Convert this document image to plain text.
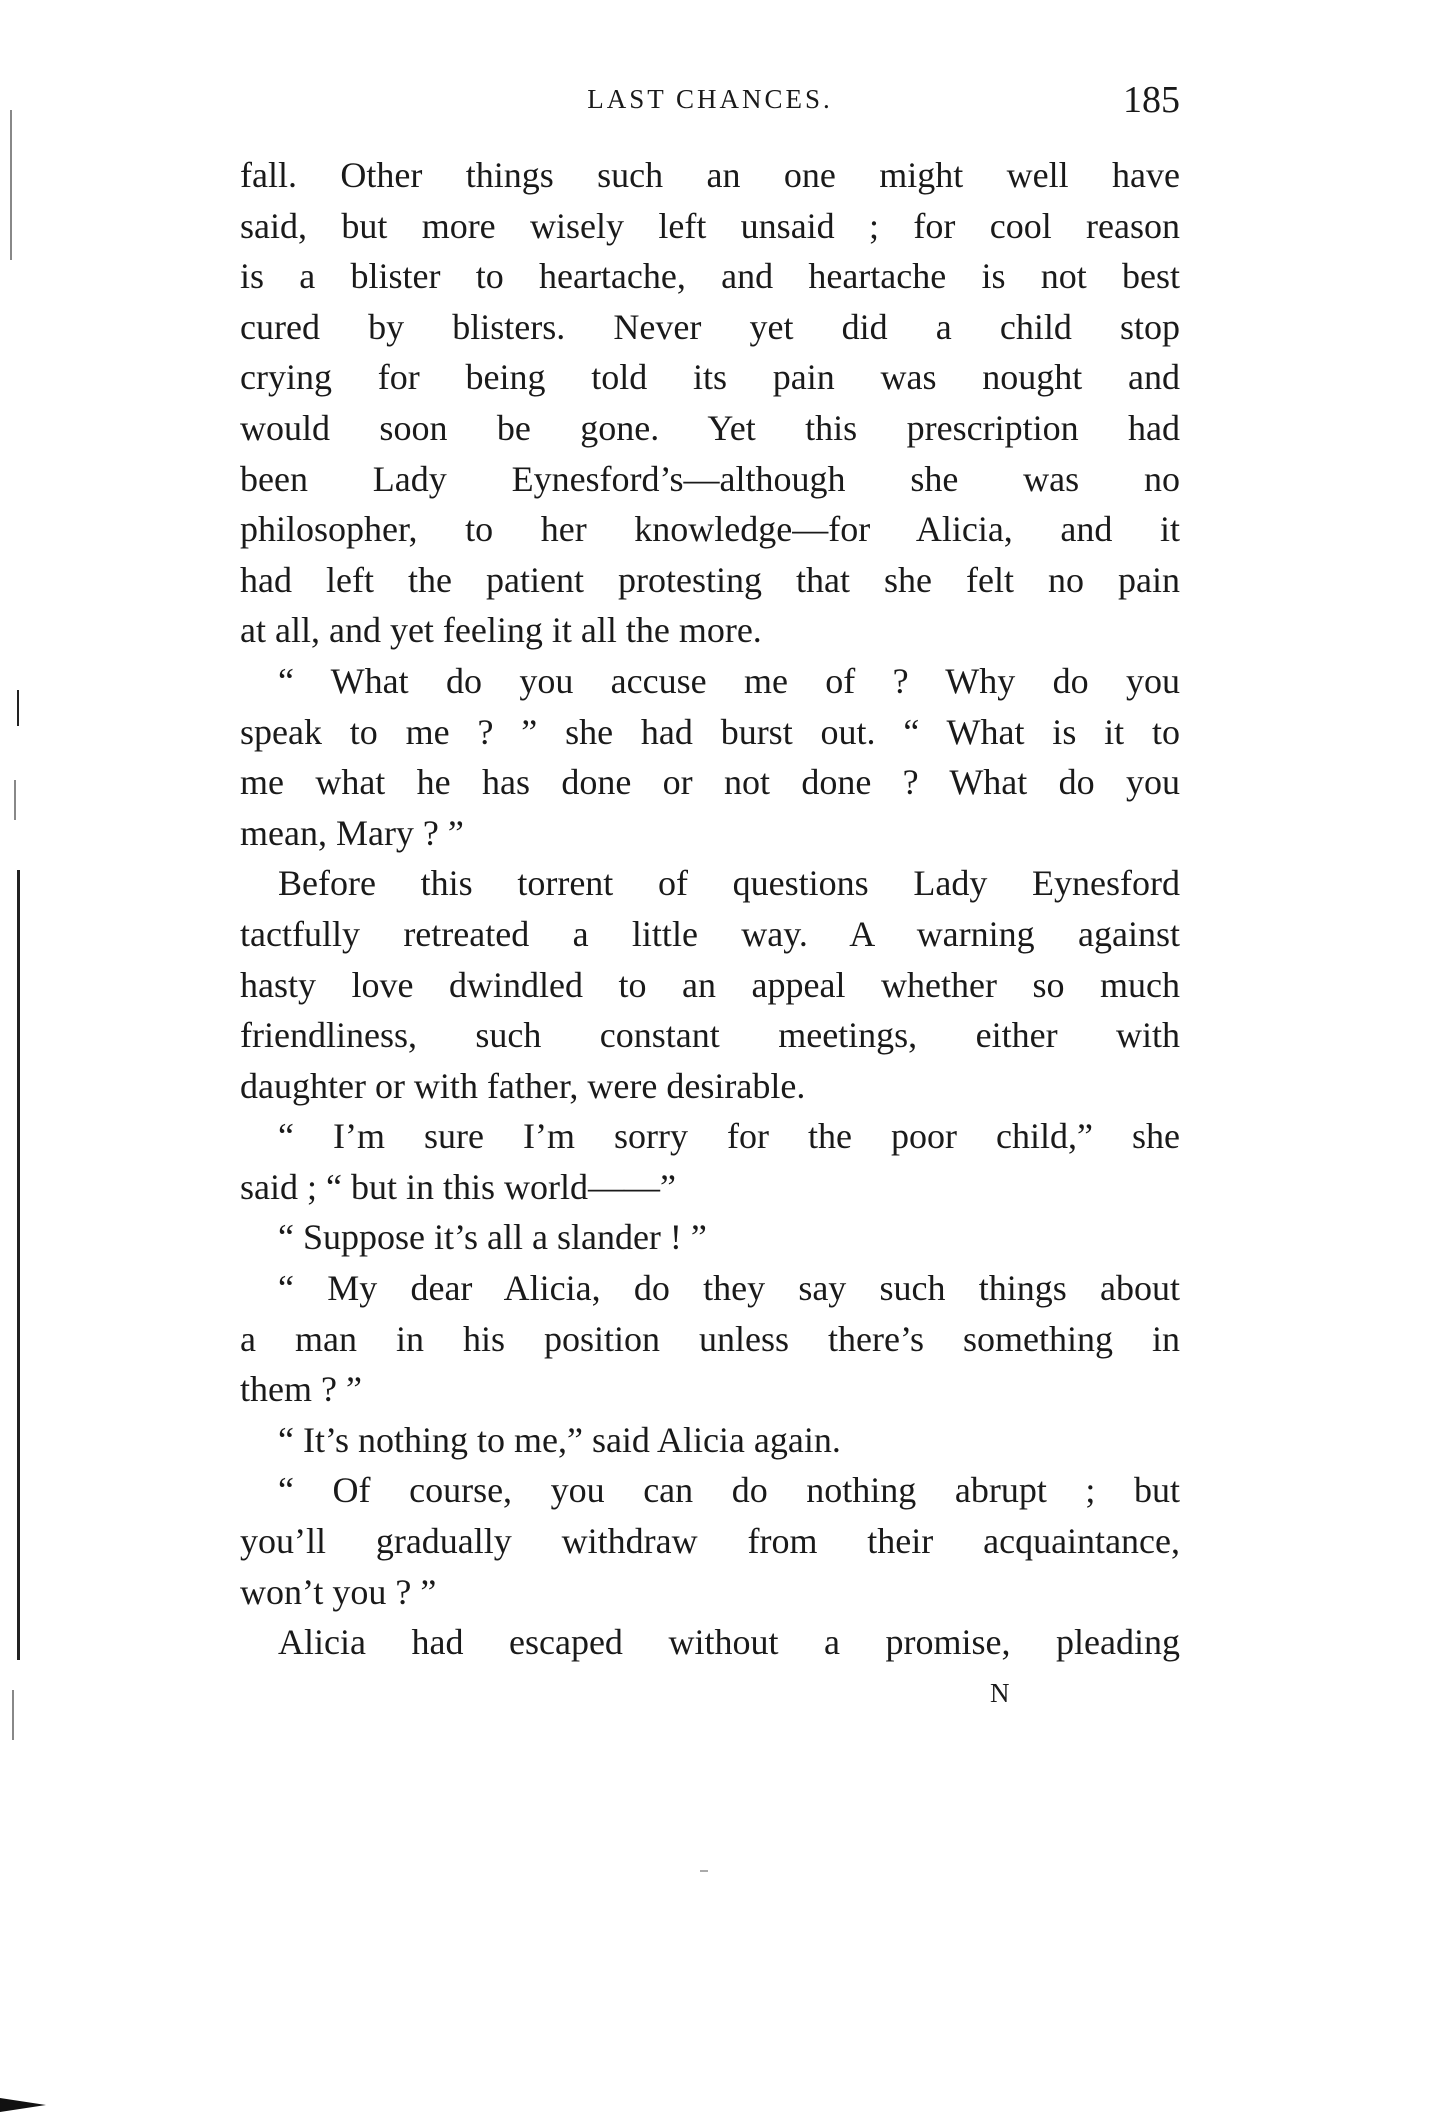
LAST CHANCES.	185
fall. Other things such an one might well have
said, but more wisely left unsaid ; for cool reason
is a blister to heartache, and heartache is not best
cured by blisters. Never yet did a child stop
crying for being told its pain was nought and
would soon be gone. Yet this prescription had
been Lady Eynesford’s—although she was no
philosopher, to her knowledge—for Alicia, and it
had left the patient protesting that she felt no pain
at all, and yet feeling it all the more.
“ What do you accuse me of ? Why do you
speak to me ? ” she had burst out. “ What is it to
me what he has done or not done ? What do you
mean, Mary ? ”
Before this torrent of questions Lady Eynesford
tactfully retreated a little way. A warning against
hasty love dwindled to an appeal whether so much
friendliness, such constant meetings, either with
daughter or with father, were desirable.
“ I’m sure I’m sorry for the poor child,” she
said ; “ but in this world——”
“ Suppose it’s all a slander ! ”
“ My dear Alicia, do they say such things about
a man in his position unless there’s something in
them ? ”
“ It’s nothing to me,” said Alicia again.
“ Of course, you can do nothing abrupt ; but
you’ll gradually withdraw from their acquaintance,
won’t you ? ”
Alicia had escaped without a promise, pleading
N
